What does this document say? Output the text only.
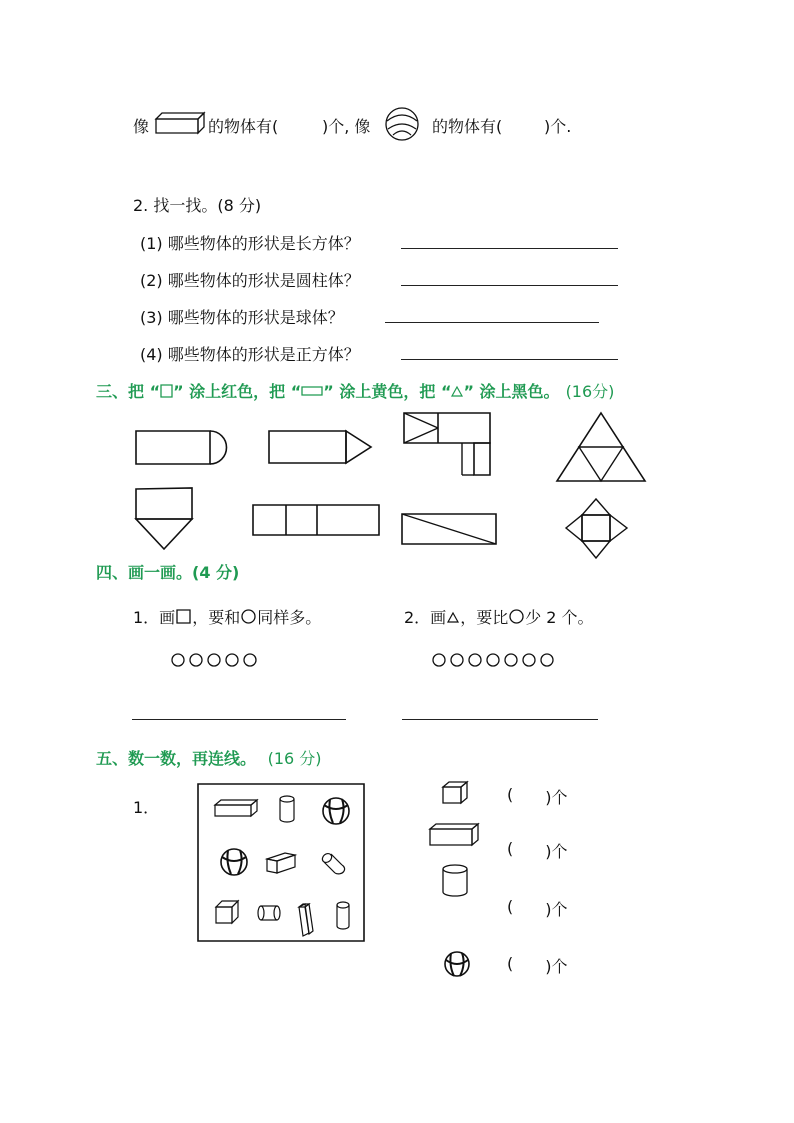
像	的物体有(	)个, 像	的物体有(	)个.
2. 找一找。(8 分)
(1) 哪些物体的形状是长方体？
(2) 哪些物体的形状是圆柱体？
(3) 哪些物体的形状是球体？
(4) 哪些物体的形状是正方体？
三、把 “ ” 涂上红色，把 “ ” 涂上黄色，把 “ ” 涂上黑色。 (16分)
四、画一画。(4 分)
1．画 ，要和 同样多。	2．画 ，要比 少 2 个。
五、数一数，再连线。 (16 分)
1．
( )个
( )个
( )个
( )个
